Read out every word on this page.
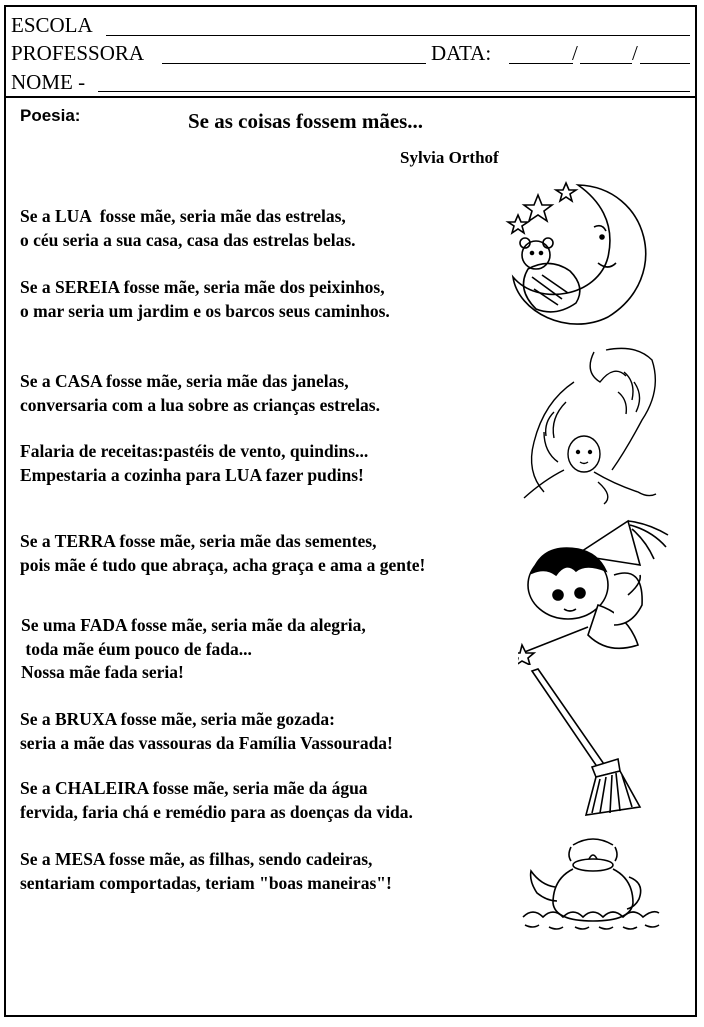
ESCOLA
PROFESSORA	DATA:	/	/
NOME -
Poesia:	Se as coisas fossem mães...
Sylvia Orthof
Se a LUA  fosse mãe, seria mãe das estrelas,
o céu seria a sua casa, casa das estrelas belas.
Se a SEREIA fosse mãe, seria mãe dos peixinhos,
o mar seria um jardim e os barcos seus caminhos.
Se a CASA fosse mãe, seria mãe das janelas,
conversaria com a lua sobre as crianças estrelas.
Falaria de receitas:pastéis de vento, quindins...
Empestaria a cozinha para LUA fazer pudins!
Se a TERRA fosse mãe, seria mãe das sementes,
pois mãe é tudo que abraça, acha graça e ama a gente!
Se uma FADA fosse mãe, seria mãe da alegria,
toda mãe éum pouco de fada...
Nossa mãe fada seria!
Se a BRUXA fosse mãe, seria mãe gozada:
seria a mãe das vassouras da Família Vassourada!
Se a CHALEIRA fosse mãe, seria mãe da água
fervida, faria chá e remédio para as doenças da vida.
Se a MESA fosse mãe, as filhas, sendo cadeiras,
sentariam comportadas, teriam "boas maneiras"!
